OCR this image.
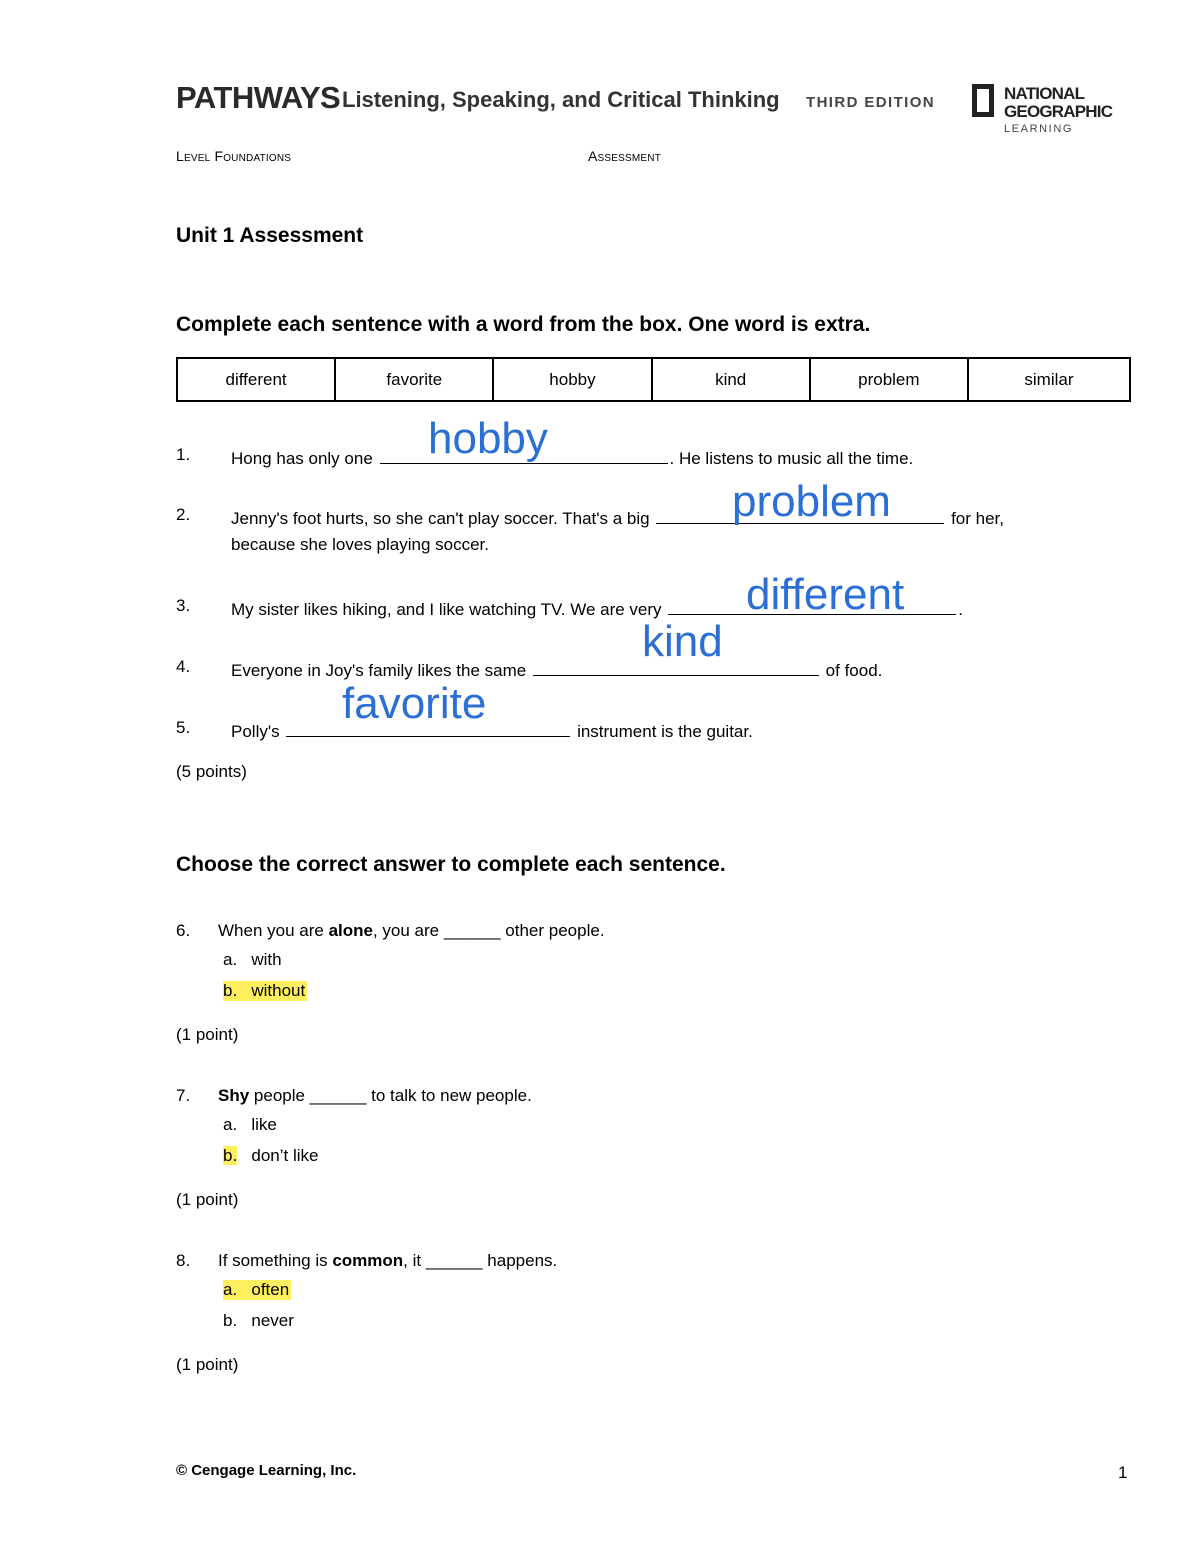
PATHWAYS Listening, Speaking, and Critical Thinking THIRD EDITION	NATIONAL
GEOGRAPHIC
LEARNING
Level Foundations	Assessment
Unit 1 Assessment
Complete each sentence with a word from the box. One word is extra.
different	favorite	hobby	kind	problem	similar
1. Hong has only one	. He listens to music all the time.
hobby
2. Jenny's foot hurts, so she can't play soccer. That's a big	for her,
because she loves playing soccer.
problem
3. My sister likes hiking, and I like watching TV. We are very	.
different
4. Everyone in Joy's family likes the same	of food.
kind
5. Polly's	instrument is the guitar.
favorite
(5 points)
Choose the correct answer to complete each sentence.
6. When you are alone, you are ______ other people.
a. with
b. without
(1 point)
7. Shy people ______ to talk to new people.
a. like
b. don’t like
(1 point)
8. If something is common, it ______ happens.
a. often
b. never
(1 point)
© Cengage Learning, Inc.	1
